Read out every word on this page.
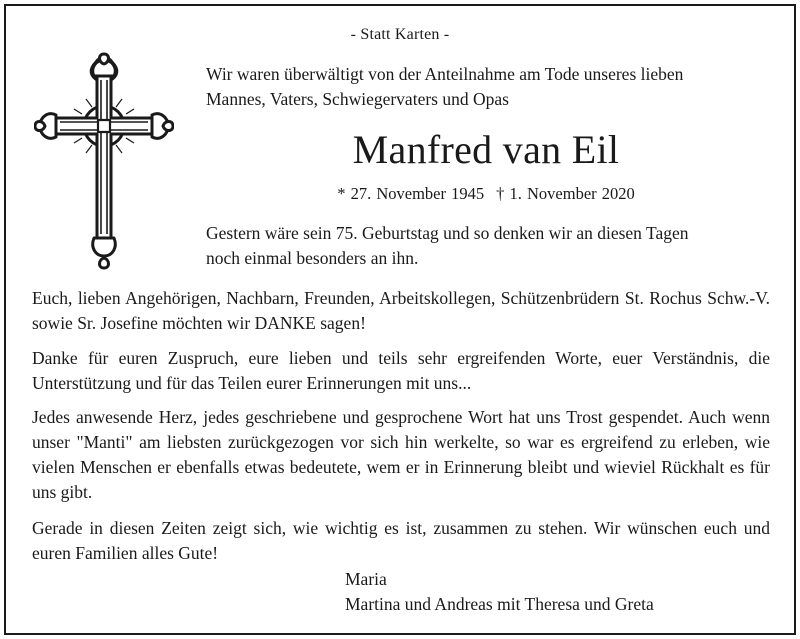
- Statt Karten -
Wir waren überwältigt von der Anteilnahme am Tode unseres lieben
Mannes, Vaters, Schwiegervaters und Opas
Manfred van Eil
* 27. November 1945 † 1. November 2020
Gestern wäre sein 75. Geburtstag und so denken wir an diesen Tagen
noch einmal besonders an ihn.
Euch, lieben Angehörigen, Nachbarn, Freunden, Arbeitskollegen, Schützenbrüdern St. Rochus Schw.-V. sowie Sr. Josefine möchten wir DANKE sagen!
Danke für euren Zuspruch, eure lieben und teils sehr ergreifenden Worte, euer Verständnis, die Unterstützung und für das Teilen eurer Erinnerungen mit uns...
Jedes anwesende Herz, jedes geschriebene und gesprochene Wort hat uns Trost gespendet. Auch wenn unser "Manti" am liebsten zurückgezogen vor sich hin werkelte, so war es ergreifend zu erleben, wie vielen Menschen er ebenfalls etwas bedeutete, wem er in Erinnerung bleibt und wieviel Rückhalt es für uns gibt.
Gerade in diesen Zeiten zeigt sich, wie wichtig es ist, zusammen zu stehen. Wir wünschen euch und euren Familien alles Gute!
Maria
Martina und Andreas mit Theresa und Greta
